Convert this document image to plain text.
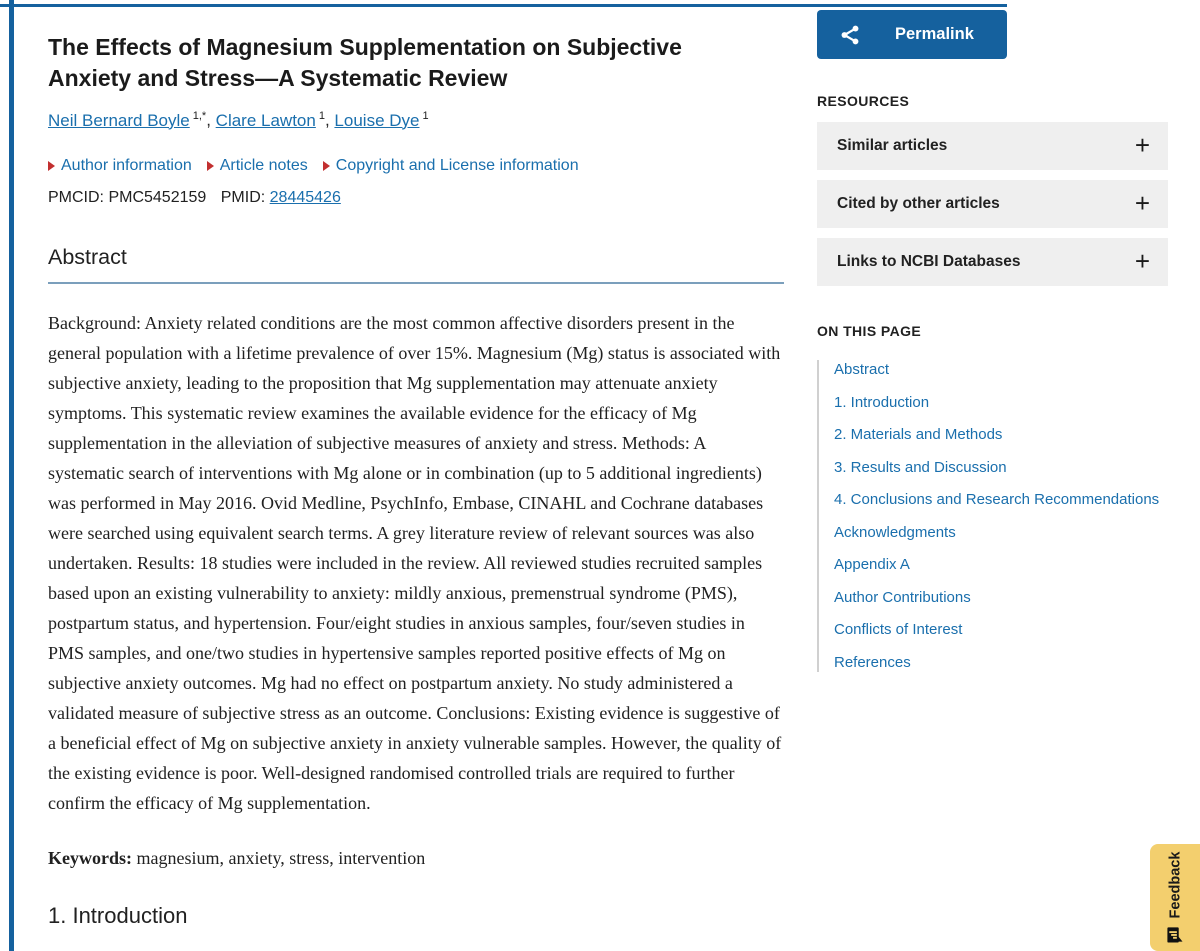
The Effects of Magnesium Supplementation on Subjective Anxiety and Stress—A Systematic Review
Neil Bernard Boyle $^{1,*}$, Clare Lawton $^1$, Louise Dye $^1$
Author information Article notes Copyright and License information
PMCID: PMC5452159 PMID: 28445426
Abstract

Background: Anxiety related conditions are the most common affective disorders present in the general population with a lifetime prevalence of over 15%. Magnesium (Mg) status is associated with subjective anxiety, leading to the proposition that Mg supplementation may attenuate anxiety symptoms. This systematic review examines the available evidence for the efficacy of Mg supplementation in the alleviation of subjective measures of anxiety and stress. Methods: A systematic search of interventions with Mg alone or in combination (up to 5 additional ingredients) was performed in May 2016. Ovid Medline, PsychInfo, Embase, CINAHL and Cochrane databases were searched using equivalent search terms. A grey literature review of relevant sources was also undertaken. Results: 18 studies were included in the review. All reviewed studies recruited samples based upon an existing vulnerability to anxiety: mildly anxious, premenstrual syndrome (PMS), postpartum status, and hypertension. Four/eight studies in anxious samples, four/seven studies in PMS samples, and one/two studies in hypertensive samples reported positive effects of Mg on subjective anxiety outcomes. Mg had no effect on postpartum anxiety. No study administered a validated measure of subjective stress as an outcome. Conclusions: Existing evidence is suggestive of a beneficial effect of Mg on subjective anxiety in anxiety vulnerable samples. However, the quality of the existing evidence is poor. Well-designed randomised controlled trials are required to further confirm the efficacy of Mg supplementation.

Keywords: magnesium, anxiety, stress, intervention

1. Introduction
Permalink
RESOURCES
Similar articles	+
Cited by other articles	+
Links to NCBI Databases	+
ON THIS PAGE
Abstract
1. Introduction
2. Materials and Methods
3. Results and Discussion
4. Conclusions and Research Recommendations
Acknowledgments
Appendix A
Author Contributions
Conflicts of Interest
References
Feedback
